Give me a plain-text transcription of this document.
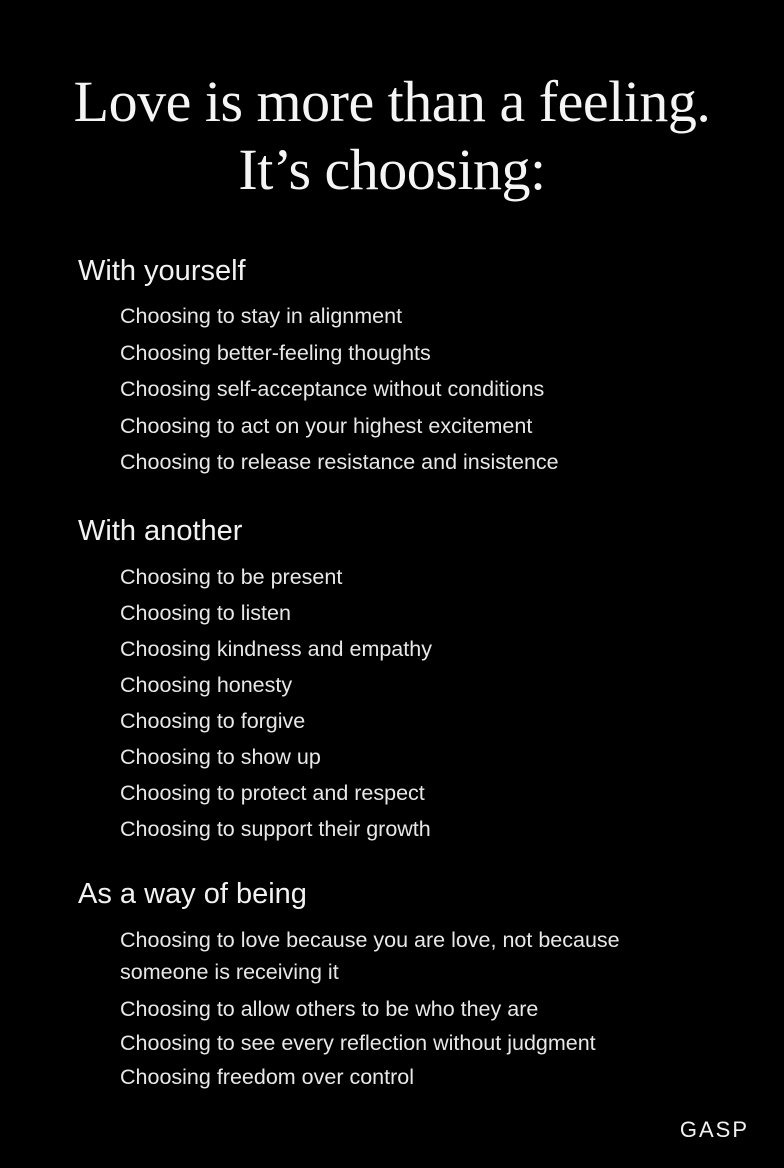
Love is more than a feeling.
It’s choosing:
With yourself
Choosing to stay in alignment
Choosing better-feeling thoughts
Choosing self-acceptance without conditions
Choosing to act on your highest excitement
Choosing to release resistance and insistence
With another
Choosing to be present
Choosing to listen
Choosing kindness and empathy
Choosing honesty
Choosing to forgive
Choosing to show up
Choosing to protect and respect
Choosing to support their growth
As a way of being
Choosing to love because you are love, not because someone is receiving it
Choosing to allow others to be who they are
Choosing to see every reflection without judgment
Choosing freedom over control
GASP
